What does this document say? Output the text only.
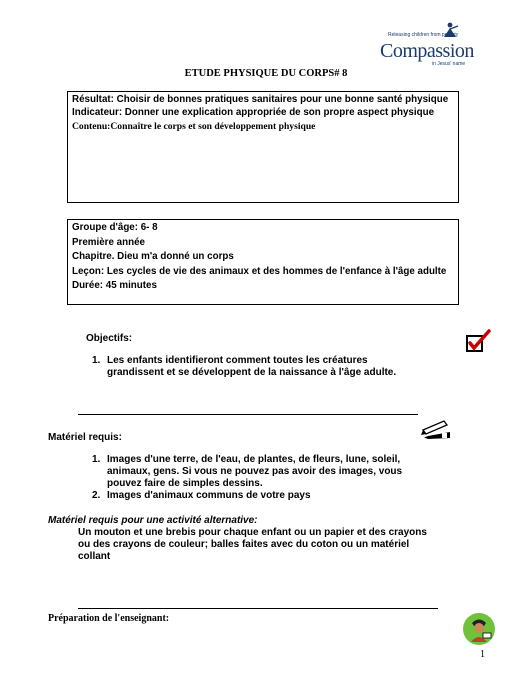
Releasing children from poverty
Compassion
in Jesus' name
ETUDE PHYSIQUE DU CORPS# 8

Résultat: Choisir de bonnes pratiques sanitaires pour une bonne santé physique

Indicateur: Donner une explication appropriée de son propre aspect physique

Contenu:Connaître le corps et son développement physique

Groupe d'âge: 6- 8

Première année

Chapitre. Dieu m'a donné un corps

Leçon: Les cycles de vie des animaux et des hommes de l'enfance à l'âge adulte

Durée: 45 minutes

Objectifs:
1. Les enfants identifieront comment toutes les créatures grandissent et se développent de la naissance à l'âge adulte.
Matériel requis:
1. Images d'une terre, de l'eau, de plantes, de fleurs, lune, soleil, animaux, gens. Si vous ne pouvez pas avoir des images, vous pouvez faire de simples dessins.
2. Images d'animaux communs de votre pays
Matériel requis pour une activité alternative:
Un mouton et une brebis pour chaque enfant ou un papier et des crayons ou des crayons de couleur; balles faites avec du coton ou un matériel collant
Préparation de l'enseignant:
1
